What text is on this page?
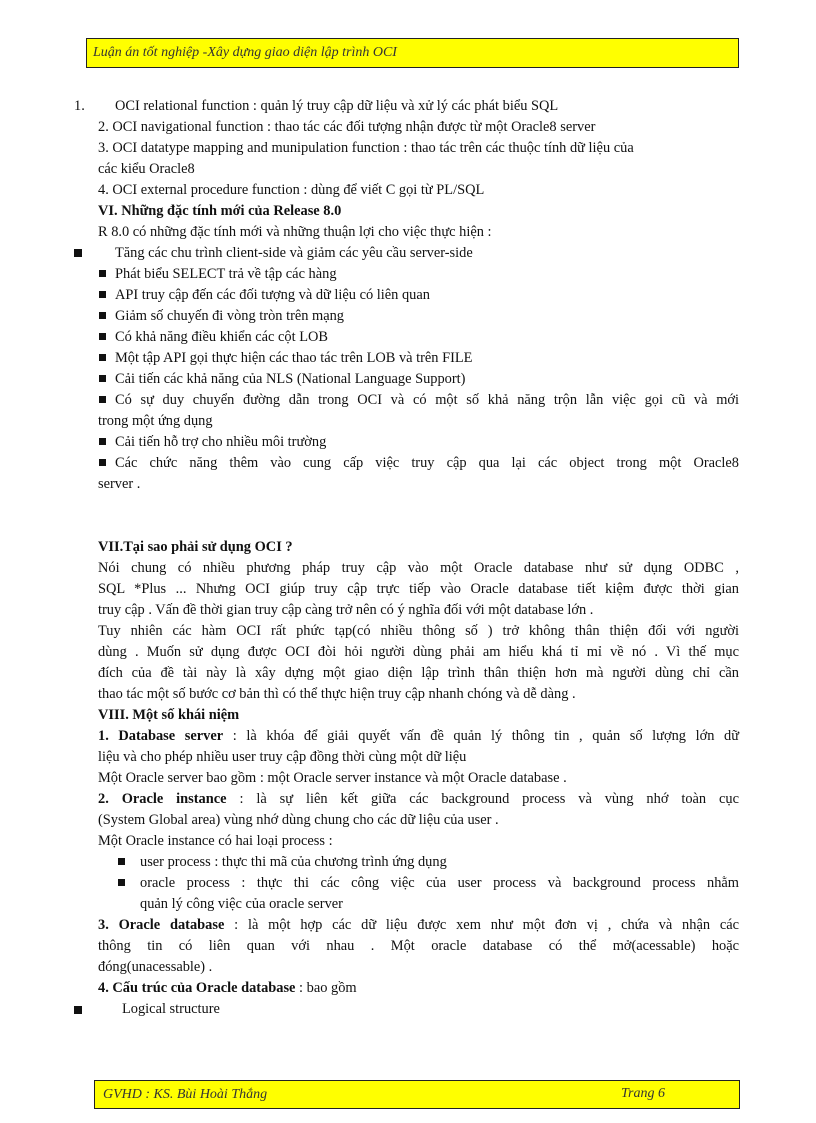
Luận án tốt nghiệp -Xây dựng giao diện lập trình OCI
1. OCI relational function : quản lý truy cập dữ liệu và xử lý các phát biểu SQL
2. OCI navigational function : thao tác các đối tượng nhận được từ một Oracle8 server
3. OCI datatype mapping and munipulation function : thao tác trên các thuộc tính dữ liệu của
các kiểu Oracle8
4. OCI external procedure function : dùng để viết C gọi từ PL/SQL
VI. Những đặc tính mới của Release 8.0
R 8.0 có những đặc tính mới và những thuận lợi cho việc thực hiện :
Tăng các chu trình client-side và giảm các yêu cầu server-side
Phát biểu SELECT trả về tập các hàng
API truy cập đến các đối tượng và dữ liệu có liên quan
Giảm số chuyến đi vòng tròn trên mạng
Có khả năng điều khiển các cột LOB
Một tập API gọi thực hiện các thao tác trên LOB và trên FILE
Cải tiến các khả năng của NLS (National Language Support)
Có sự duy chuyển đường dẫn trong OCI và có một số khả năng trộn lẫn việc gọi cũ và mới
trong một ứng dụng
Cải tiến hỗ trợ cho nhiều môi trường
Các chức năng thêm vào cung cấp việc truy cập qua lại các object trong một Oracle8
server .
VII.Tại sao phải sử dụng OCI ?
Nói chung có nhiều phương pháp truy cập vào một Oracle database như sử dụng ODBC ,
SQL *Plus ... Nhưng OCI giúp truy cập trực tiếp vào Oracle database tiết kiệm được thời gian
truy cập . Vấn đề thời gian truy cập càng trở nên có ý nghĩa đối với một database lớn .
Tuy nhiên các hàm OCI rất phức tạp(có nhiều thông số ) trở không thân thiện đối với người
dùng . Muốn sử dụng được OCI đòi hỏi người dùng phải am hiểu khá tỉ mỉ về nó . Vì thế mục
đích của đề tài này là xây dựng một giao diện lập trình thân thiện hơn mà người dùng chỉ cần
thao tác một số bước cơ bản thì có thể thực hiện truy cập nhanh chóng và dễ dàng .
VIII. Một số khái niệm
1. Database server : là khóa để giải quyết vấn đề quản lý thông tin , quản số lượng lớn dữ
liệu và cho phép nhiều user truy cập đồng thời cùng một dữ liệu
Một Oracle server bao gồm : một Oracle server instance và một Oracle database .
2. Oracle instance : là sự liên kết giữa các background process và vùng nhớ toàn cục
(System Global area) vùng nhớ dùng chung cho các dữ liệu của user .
Một Oracle instance có hai loại process :
user process : thực thi mã của chương trình ứng dụng
oracle process : thực thi các công việc của user process và background process nhằm
quản lý công việc của oracle server
3. Oracle database : là một hợp các dữ liệu được xem như một đơn vị , chứa và nhận các
thông tin có liên quan với nhau . Một oracle database có thể mở(acessable) hoặc
đóng(unacessable) .
4. Cấu trúc của Oracle database : bao gồm
Logical structure
GVHD : KS. Bùi Hoài Thắng	Trang 6
